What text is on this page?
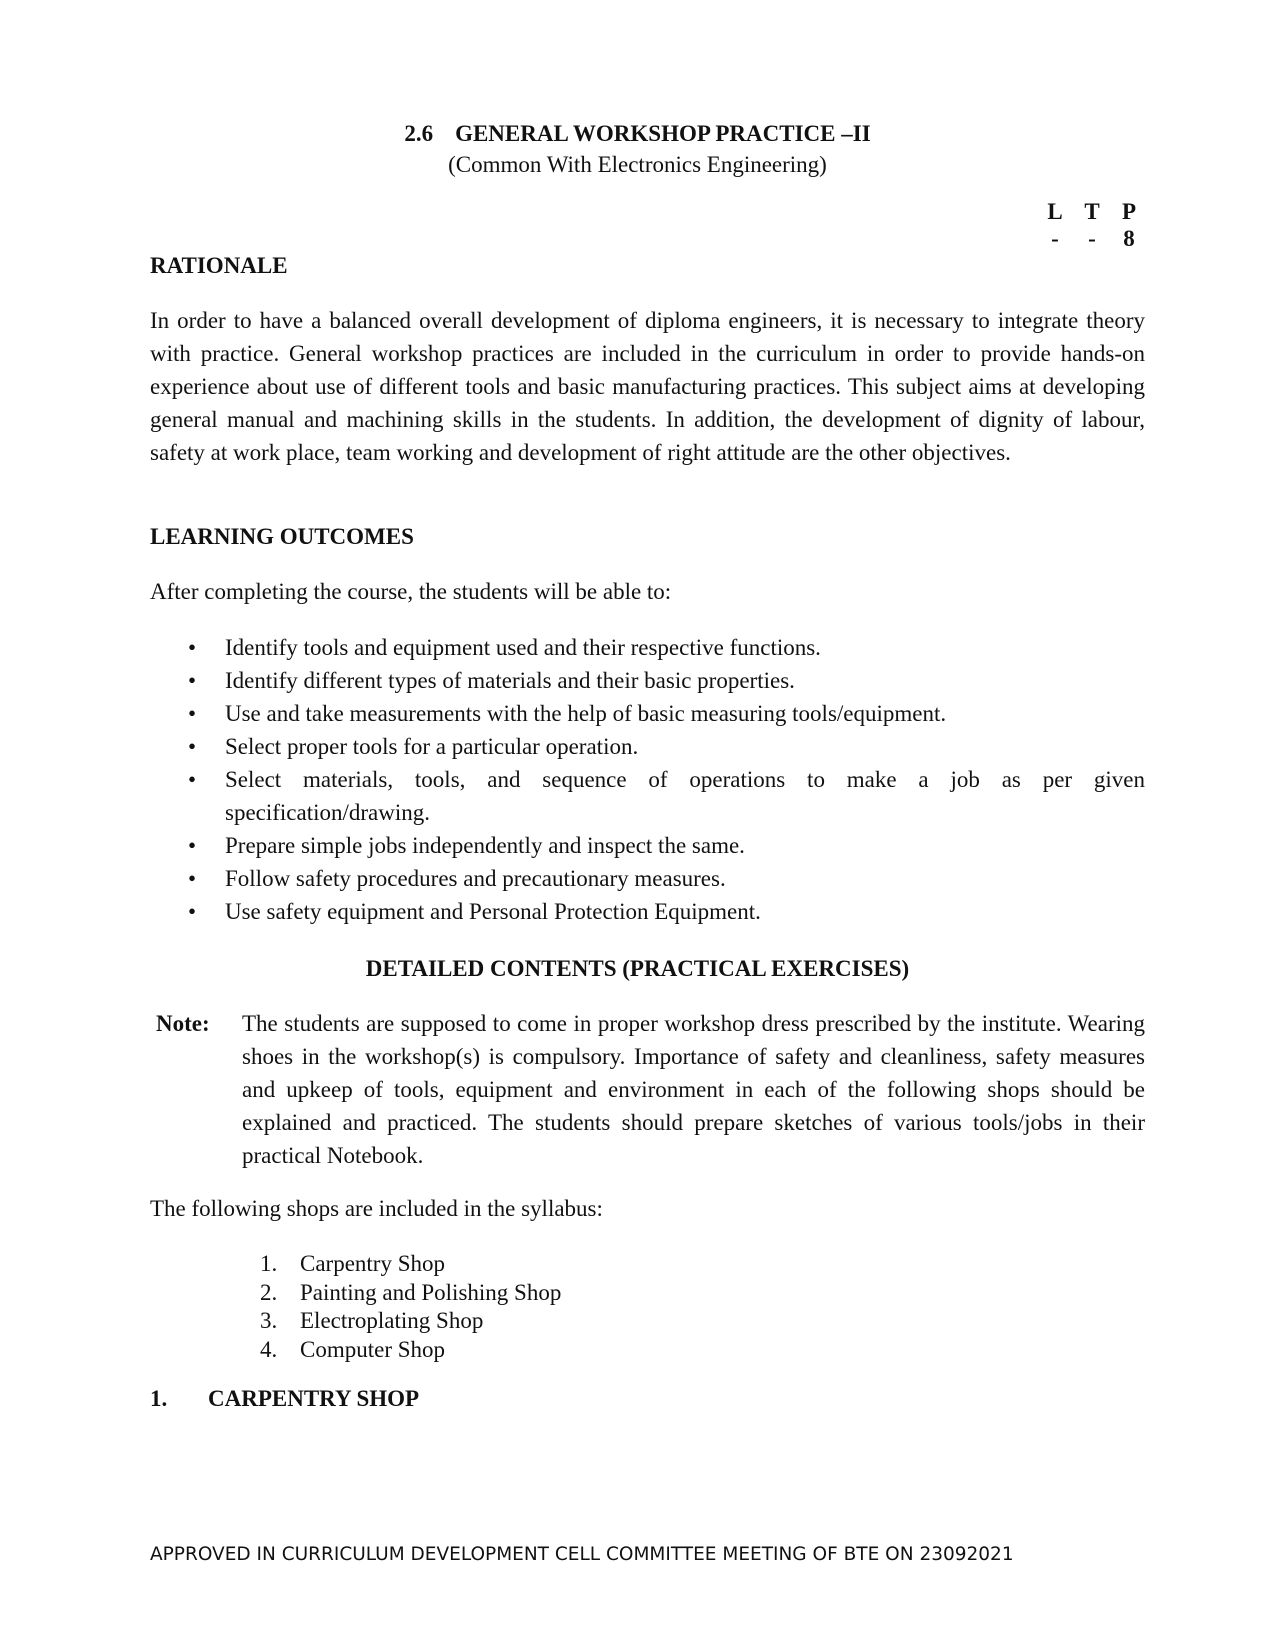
2.6 GENERAL WORKSHOP PRACTICE –II
(Common With Electronics Engineering)
L T P
-	-	8
RATIONALE
In order to have a balanced overall development of diploma engineers, it is necessary to integrate theory with practice. General workshop practices are included in the curriculum in order to provide hands-on experience about use of different tools and basic manufacturing practices. This subject aims at developing general manual and machining skills in the students. In addition, the development of dignity of labour, safety at work place, team working and development of right attitude are the other objectives.
LEARNING OUTCOMES
After completing the course, the students will be able to:
• Identify tools and equipment used and their respective functions.
• Identify different types of materials and their basic properties.
• Use and take measurements with the help of basic measuring tools/equipment.
• Select proper tools for a particular operation.
• Select materials, tools, and sequence of operations to make a job as per given specification/drawing.
• Prepare simple jobs independently and inspect the same.
• Follow safety procedures and precautionary measures.
• Use safety equipment and Personal Protection Equipment.
DETAILED CONTENTS (PRACTICAL EXERCISES)
Note: The students are supposed to come in proper workshop dress prescribed by the institute. Wearing shoes in the workshop(s) is compulsory. Importance of safety and cleanliness, safety measures and upkeep of tools, equipment and environment in each of the following shops should be explained and practiced. The students should prepare sketches of various tools/jobs in their practical Notebook.
The following shops are included in the syllabus:
1. Carpentry Shop
2. Painting and Polishing Shop
3. Electroplating Shop
4. Computer Shop
1. CARPENTRY SHOP
APPROVED IN CURRICULUM DEVELOPMENT CELL COMMITTEE MEETING OF BTE ON 23092021
